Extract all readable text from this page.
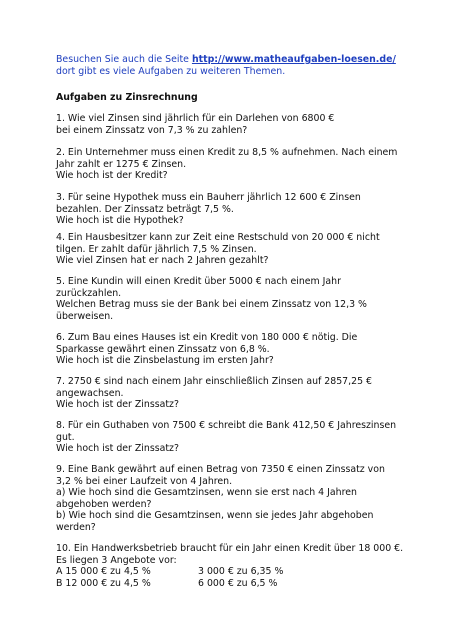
Besuchen Sie auch die Seite http://www.matheaufgaben-loesen.de/
dort gibt es viele Aufgaben zu weiteren Themen.
Aufgaben zu Zinsrechnung
1. Wie viel Zinsen sind jährlich für ein Darlehen von 6800 €
bei einem Zinssatz von 7,3 % zu zahlen?
2. Ein Unternehmer muss einen Kredit zu 8,5 % aufnehmen. Nach einem
Jahr zahlt er 1275 € Zinsen.
Wie hoch ist der Kredit?
3. Für seine Hypothek muss ein Bauherr jährlich 12 600 € Zinsen
bezahlen. Der Zinssatz beträgt 7,5 %.
Wie hoch ist die Hypothek?
4. Ein Hausbesitzer kann zur Zeit eine Restschuld von 20 000 € nicht
tilgen. Er zahlt dafür jährlich 7,5 % Zinsen.
Wie viel Zinsen hat er nach 2 Jahren gezahlt?
5. Eine Kundin will einen Kredit über 5000 € nach einem Jahr
zurückzahlen.
Welchen Betrag muss sie der Bank bei einem Zinssatz von 12,3 %
überweisen.
6. Zum Bau eines Hauses ist ein Kredit von 180 000 € nötig. Die
Sparkasse gewährt einen Zinssatz von 6,8 %.
Wie hoch ist die Zinsbelastung im ersten Jahr?
7. 2750 € sind nach einem Jahr einschließlich Zinsen auf 2857,25 €
angewachsen.
Wie hoch ist der Zinssatz?
8. Für ein Guthaben von 7500 € schreibt die Bank 412,50 € Jahreszinsen
gut.
Wie hoch ist der Zinssatz?
9. Eine Bank gewährt auf einen Betrag von 7350 € einen Zinssatz von
3,2 % bei einer Laufzeit von 4 Jahren.
a) Wie hoch sind die Gesamtzinsen, wenn sie erst nach 4 Jahren
abgehoben werden?
b) Wie hoch sind die Gesamtzinsen, wenn sie jedes Jahr abgehoben
werden?
10. Ein Handwerksbetrieb braucht für ein Jahr einen Kredit über 18 000 €.
Es liegen 3 Angebote vor:
A 15 000 € zu 4,5 %	3 000 € zu 6,35 %
B 12 000 € zu 4,5 %	6 000 € zu 6,5 %
